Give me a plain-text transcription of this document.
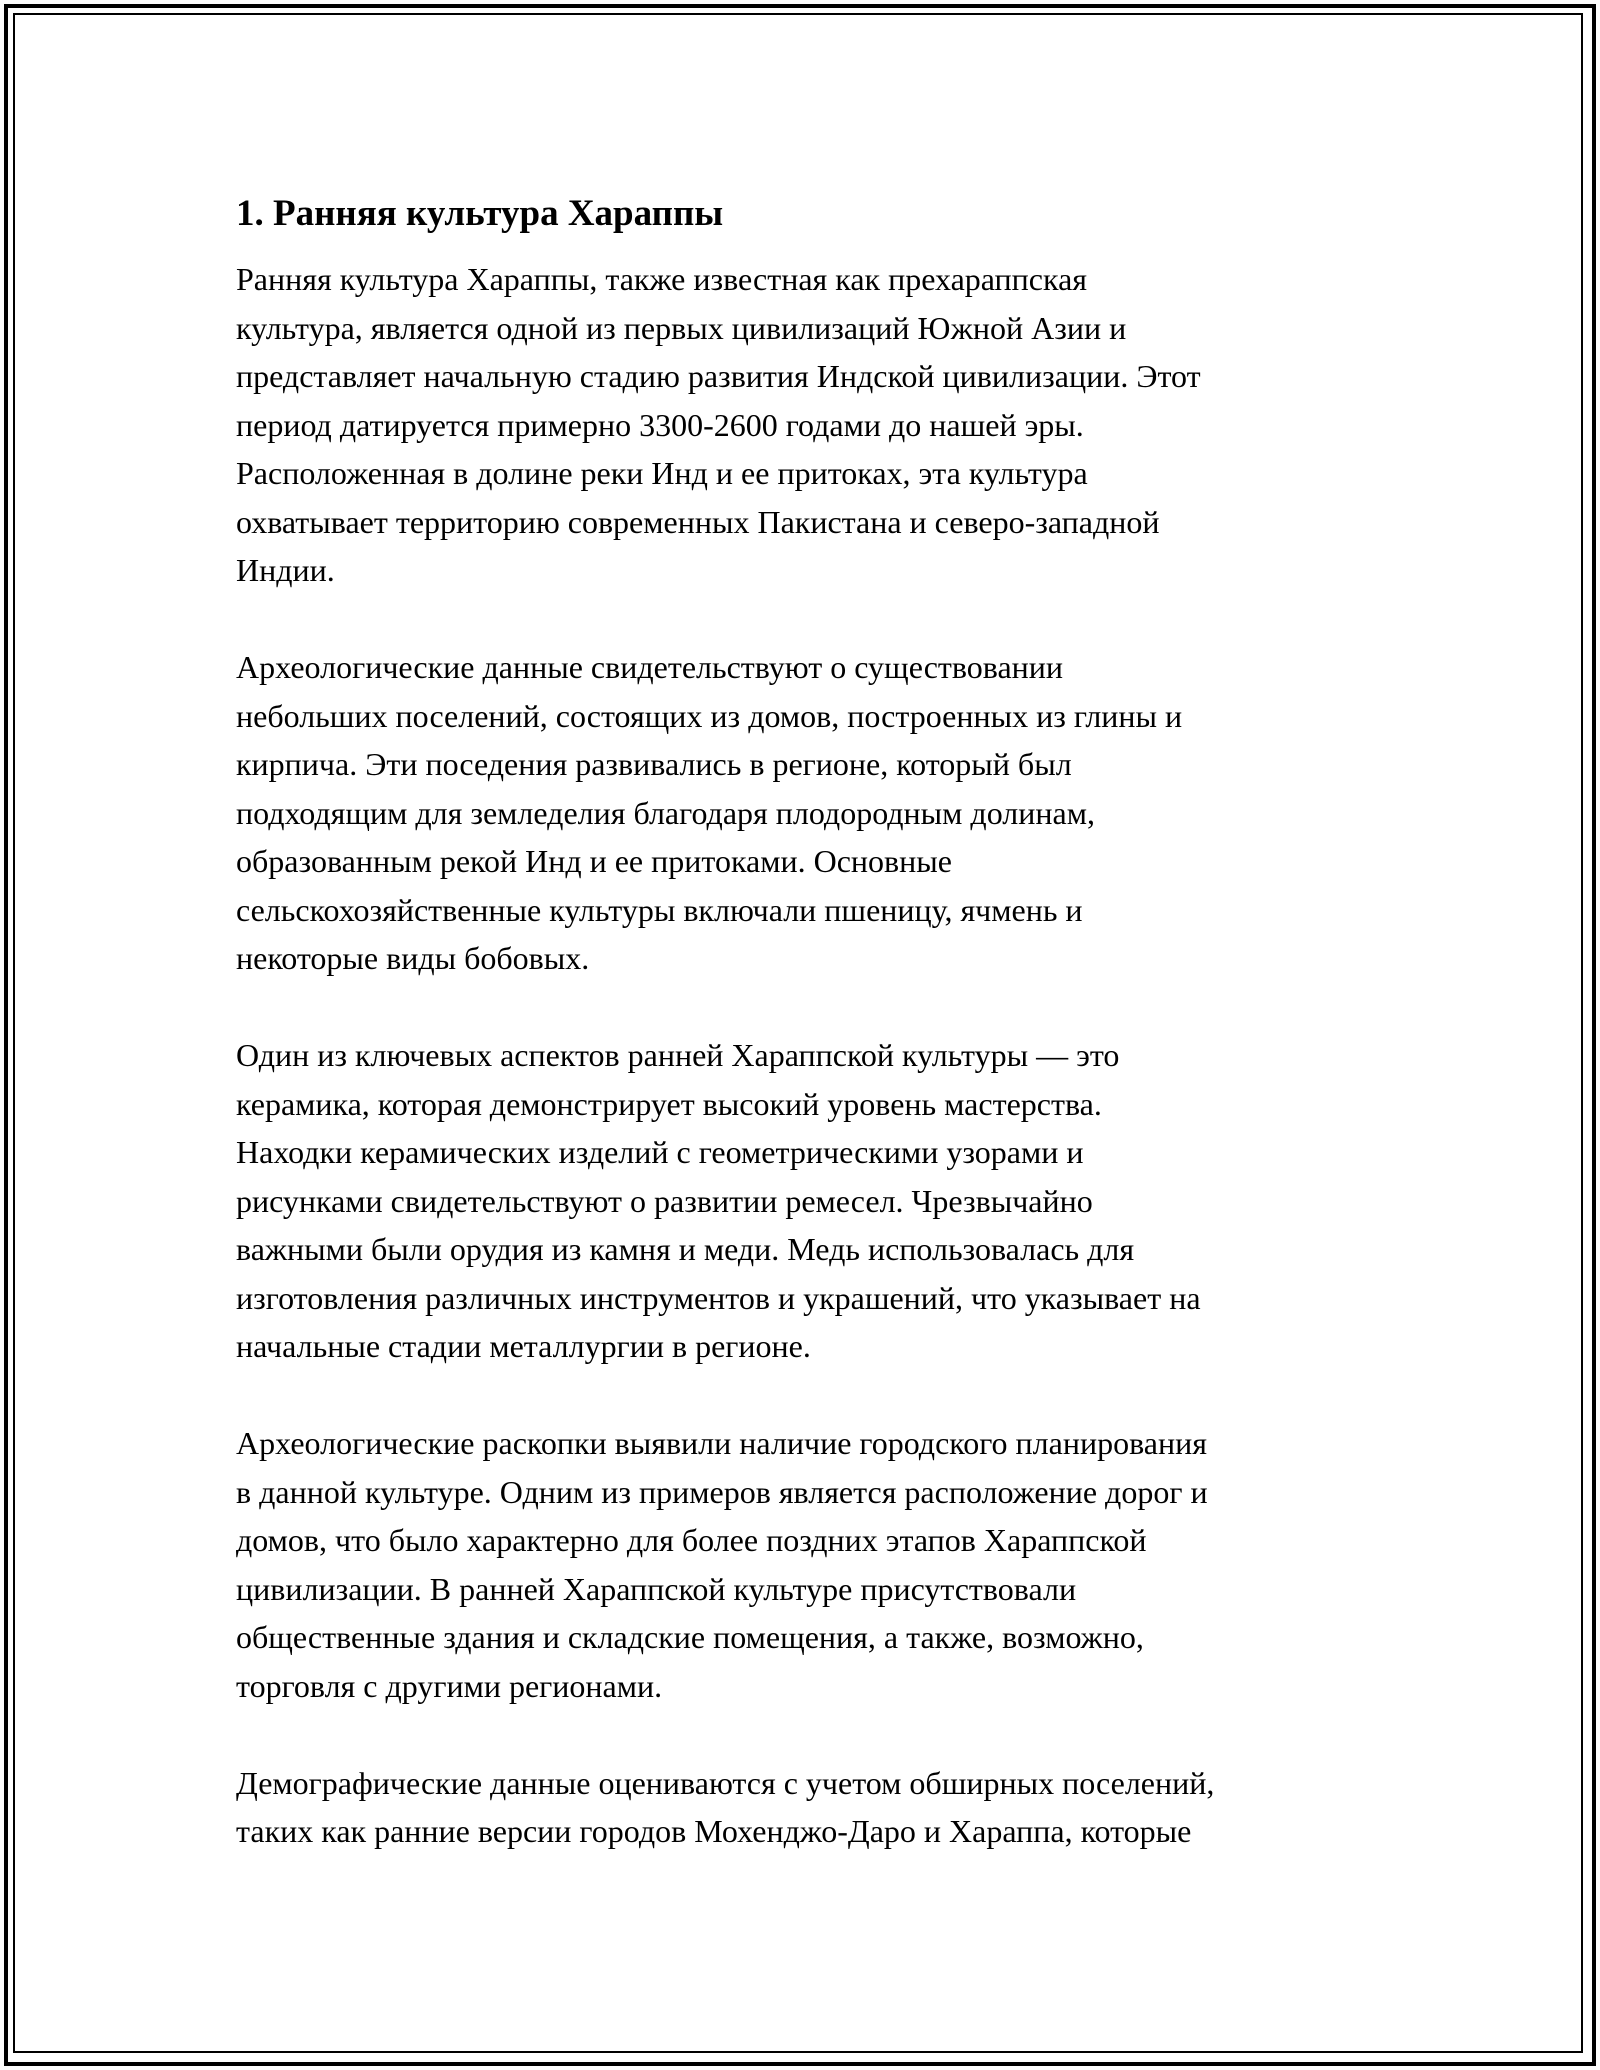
1. Ранняя культура Хараппы

Ранняя культура Хараппы, также известная как прехараппская
культура, является одной из первых цивилизаций Южной Азии и
представляет начальную стадию развития Индской цивилизации. Этот
период датируется примерно 3300-2600 годами до нашей эры.
Расположенная в долине реки Инд и ее притоках, эта культура
охватывает территорию современных Пакистана и северо-западной
Индии.

Археологические данные свидетельствуют о существовании
небольших поселений, состоящих из домов, построенных из глины и
кирпича. Эти поседения развивались в регионе, который был
подходящим для земледелия благодаря плодородным долинам,
образованным рекой Инд и ее притоками. Основные
сельскохозяйственные культуры включали пшеницу, ячмень и
некоторые виды бобовых.

Один из ключевых аспектов ранней Хараппской культуры — это
керамика, которая демонстрирует высокий уровень мастерства.
Находки керамических изделий с геометрическими узорами и
рисунками свидетельствуют о развитии ремесел. Чрезвычайно
важными были орудия из камня и меди. Медь использовалась для
изготовления различных инструментов и украшений, что указывает на
начальные стадии металлургии в регионе.

Археологические раскопки выявили наличие городского планирования
в данной культуре. Одним из примеров является расположение дорог и
домов, что было характерно для более поздних этапов Хараппской
цивилизации. В ранней Хараппской культуре присутствовали
общественные здания и складские помещения, а также, возможно,
торговля с другими регионами.

Демографические данные оцениваются с учетом обширных поселений,
таких как ранние версии городов Мохенджо-Даро и Хараппа, которые
